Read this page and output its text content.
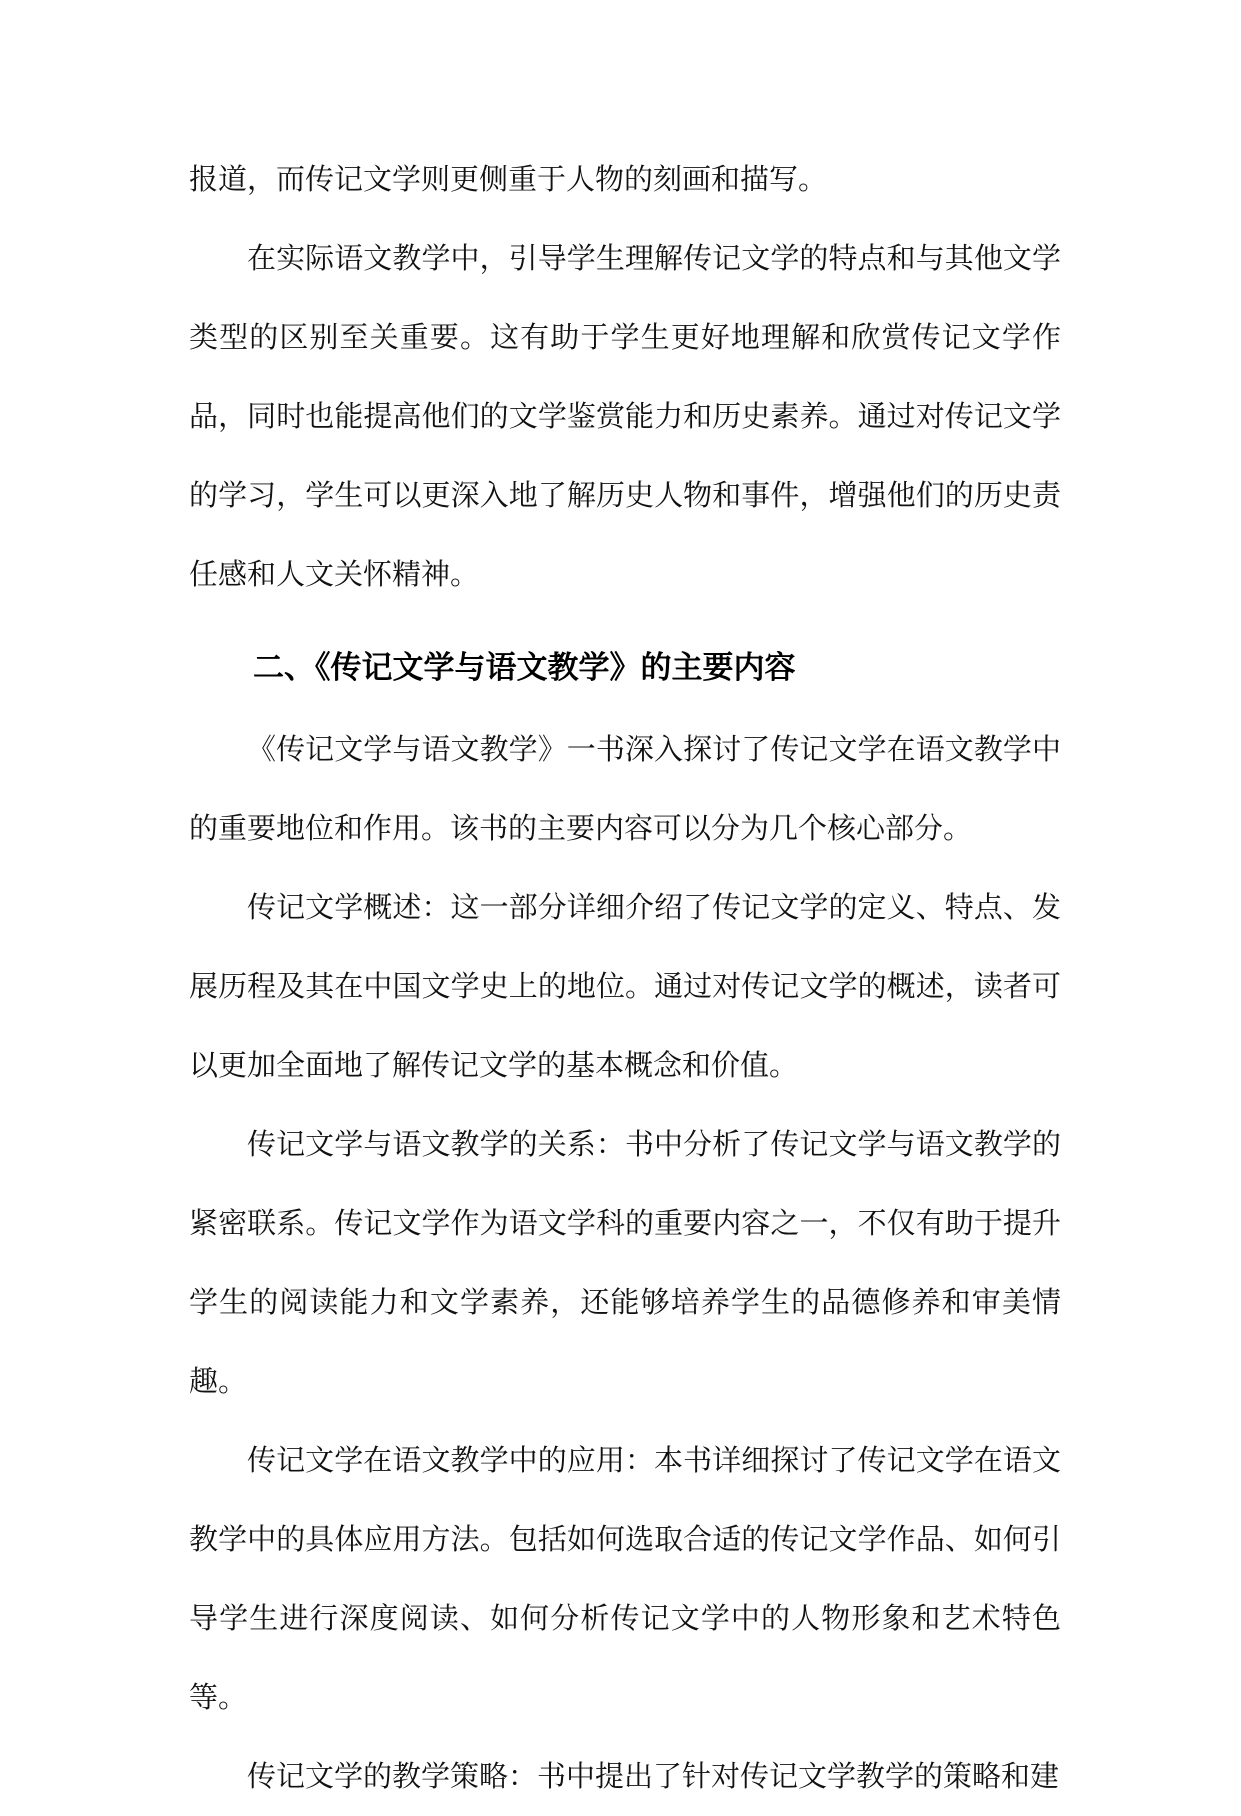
报道，而传记文学则更侧重于人物的刻画和描写。

在实际语文教学中，引导学生理解传记文学的特点和与其他文学类型的区别至关重要。这有助于学生更好地理解和欣赏传记文学作品，同时也能提高他们的文学鉴赏能力和历史素养。通过对传记文学的学习，学生可以更深入地了解历史人物和事件，增强他们的历史责任感和人文关怀精神。

二、《传记文学与语文教学》的主要内容

《传记文学与语文教学》一书深入探讨了传记文学在语文教学中的重要地位和作用。该书的主要内容可以分为几个核心部分。

传记文学概述：这一部分详细介绍了传记文学的定义、特点、发展历程及其在中国文学史上的地位。通过对传记文学的概述，读者可以更加全面地了解传记文学的基本概念和价值。

传记文学与语文教学的关系：书中分析了传记文学与语文教学的紧密联系。传记文学作为语文学科的重要内容之一，不仅有助于提升学生的阅读能力和文学素养，还能够培养学生的品德修养和审美情趣。

传记文学在语文教学中的应用：本书详细探讨了传记文学在语文教学中的具体应用方法。包括如何选取合适的传记文学作品、如何引导学生进行深度阅读、如何分析传记文学中的人物形象和艺术特色等。

传记文学的教学策略：书中提出了针对传记文学教学的策略和建
